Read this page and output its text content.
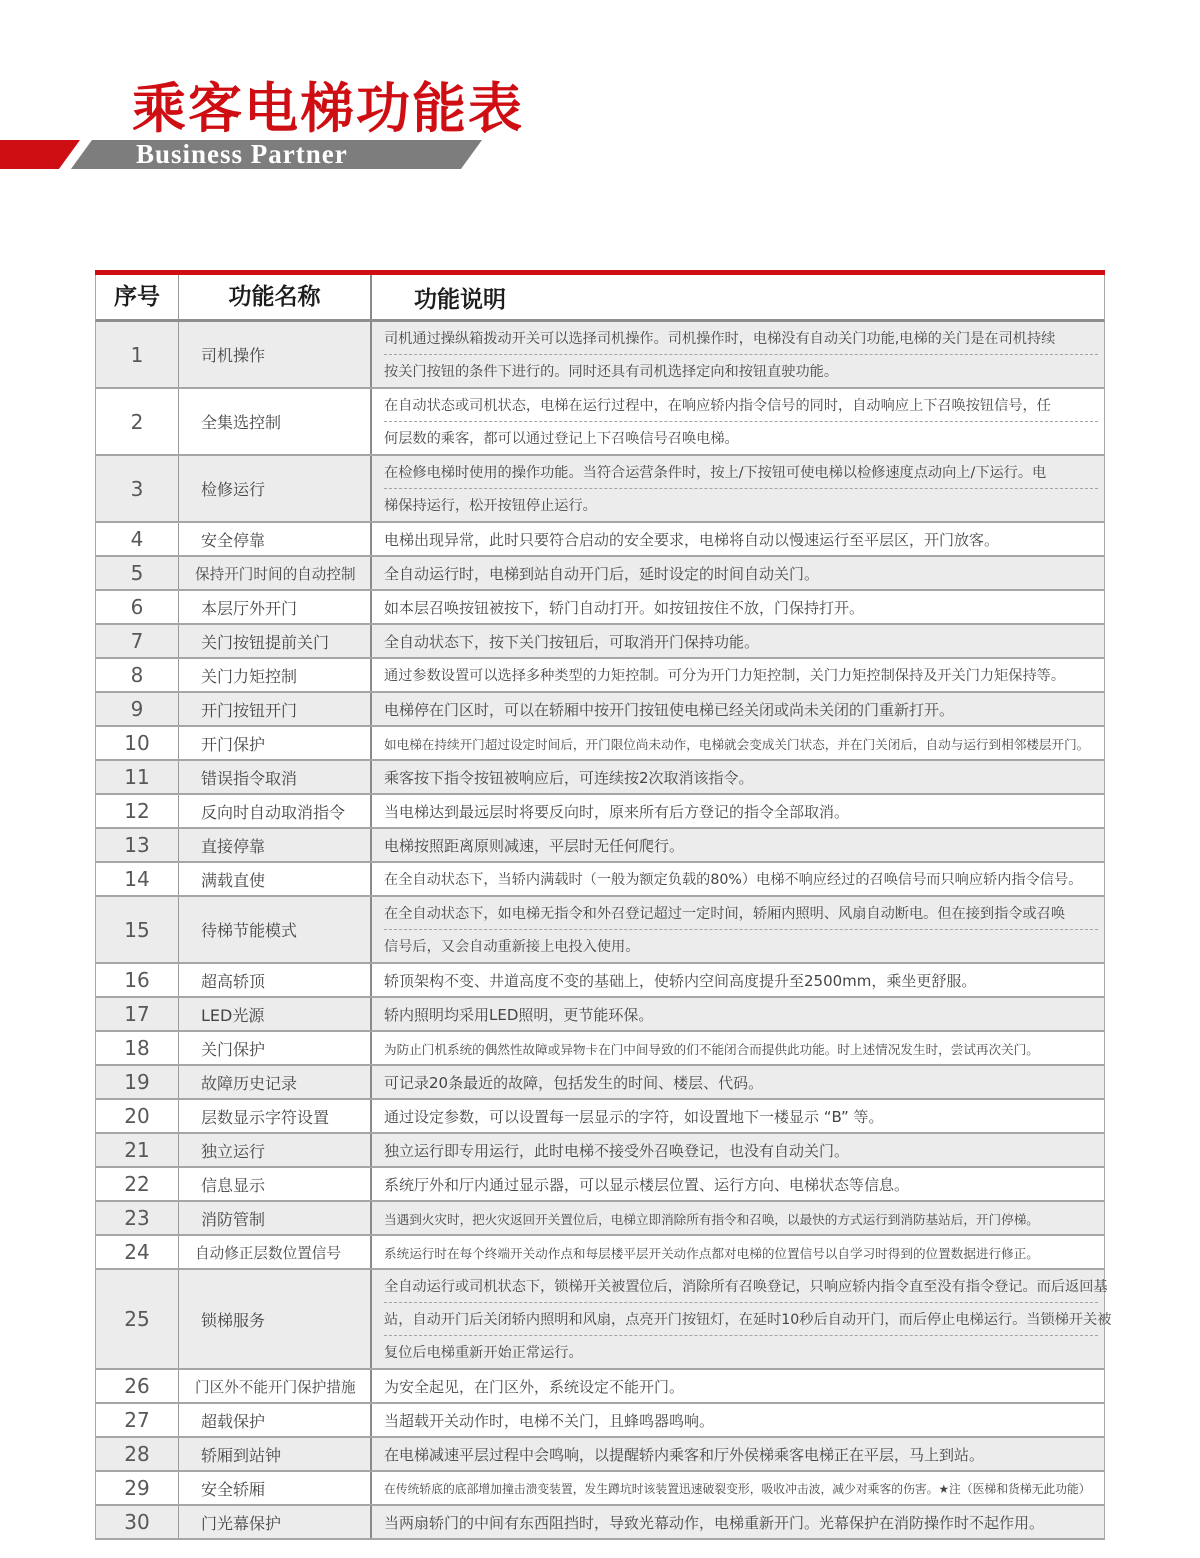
乘客电梯功能表
Business Partner
序号	功能名称	功能说明
1	司机操作
司机通过操纵箱拨动开关可以选择司机操作。司机操作时，电梯没有自动关门功能,电梯的关门是在司机持续
按关门按钮的条件下进行的。同时还具有司机选择定向和按钮直驶功能。
2	全集选控制
在自动状态或司机状态，电梯在运行过程中，在响应轿内指令信号的同时，自动响应上下召唤按钮信号，任
何层数的乘客，都可以通过登记上下召唤信号召唤电梯。
3	检修运行
在检修电梯时使用的操作功能。当符合运营条件时，按上/下按钮可使电梯以检修速度点动向上/下运行。电
梯保持运行，松开按钮停止运行。
4	安全停靠	电梯出现异常，此时只要符合启动的安全要求，电梯将自动以慢速运行至平层区，开门放客。
5	保持开门时间的自动控制	全自动运行时，电梯到站自动开门后，延时设定的时间自动关门。
6	本层厅外开门	如本层召唤按钮被按下，轿门自动打开。如按钮按住不放，门保持打开。
7	关门按钮提前关门	全自动状态下，按下关门按钮后，可取消开门保持功能。
8	关门力矩控制	通过参数设置可以选择多种类型的力矩控制。可分为开门力矩控制，关门力矩控制保持及开关门力矩保持等。
9	开门按钮开门	电梯停在门区时，可以在轿厢中按开门按钮使电梯已经关闭或尚未关闭的门重新打开。
10	开门保护	如电梯在持续开门超过设定时间后，开门限位尚未动作，电梯就会变成关门状态，并在门关闭后，自动与运行到相邻楼层开门。
11	错误指令取消	乘客按下指令按钮被响应后，可连续按2次取消该指令。
12	反向时自动取消指令	当电梯达到最远层时将要反向时，原来所有后方登记的指令全部取消。
13	直接停靠	电梯按照距离原则减速，平层时无任何爬行。
14	满载直使	在全自动状态下，当轿内满载时（一般为额定负载的80%）电梯不响应经过的召唤信号而只响应轿内指令信号。
15	待梯节能模式
在全自动状态下，如电梯无指令和外召登记超过一定时间，轿厢内照明、风扇自动断电。但在接到指令或召唤
信号后，又会自动重新接上电投入使用。
16	超高轿顶	轿顶架构不变、井道高度不变的基础上，使轿内空间高度提升至2500mm，乘坐更舒服。
17	LED光源	轿内照明均采用LED照明，更节能环保。
18	关门保护	为防止门机系统的偶然性故障或异物卡在门中间导致的们不能闭合而提供此功能。时上述情况发生时，尝试再次关门。
19	故障历史记录	可记录20条最近的故障，包括发生的时间、楼层、代码。
20	层数显示字符设置	通过设定参数，可以设置每一层显示的字符，如设置地下一楼显示 “B” 等。
21	独立运行	独立运行即专用运行，此时电梯不接受外召唤登记，也没有自动关门。
22	信息显示	系统厅外和厅内通过显示器，可以显示楼层位置、运行方向、电梯状态等信息。
23	消防管制	当遇到火灾时，把火灾返回开关置位后，电梯立即消除所有指令和召唤，以最快的方式运行到消防基站后，开门停梯。
24	自动修正层数位置信号	系统运行时在每个终端开关动作点和每层楼平层开关动作点都对电梯的位置信号以自学习时得到的位置数据进行修正。
25	锁梯服务
全自动运行或司机状态下，锁梯开关被置位后，消除所有召唤登记，只响应轿内指令直至没有指令登记。而后返回基
站，自动开门后关闭轿内照明和风扇，点亮开门按钮灯，在延时10秒后自动开门，而后停止电梯运行。当锁梯开关被
复位后电梯重新开始正常运行。
26	门区外不能开门保护措施	为安全起见，在门区外，系统设定不能开门。
27	超载保护	当超载开关动作时，电梯不关门，且蜂鸣器鸣响。
28	轿厢到站钟	在电梯减速平层过程中会鸣响，以提醒轿内乘客和厅外侯梯乘客电梯正在平层，马上到站。
29	安全轿厢	在传统轿底的底部增加撞击溃变装置，发生蹲坑时该装置迅速破裂变形，吸收冲击波，减少对乘客的伤害。★注（医梯和货梯无此功能）
30	门光幕保护	当两扇轿门的中间有东西阻挡时，导致光幕动作，电梯重新开门。光幕保护在消防操作时不起作用。
